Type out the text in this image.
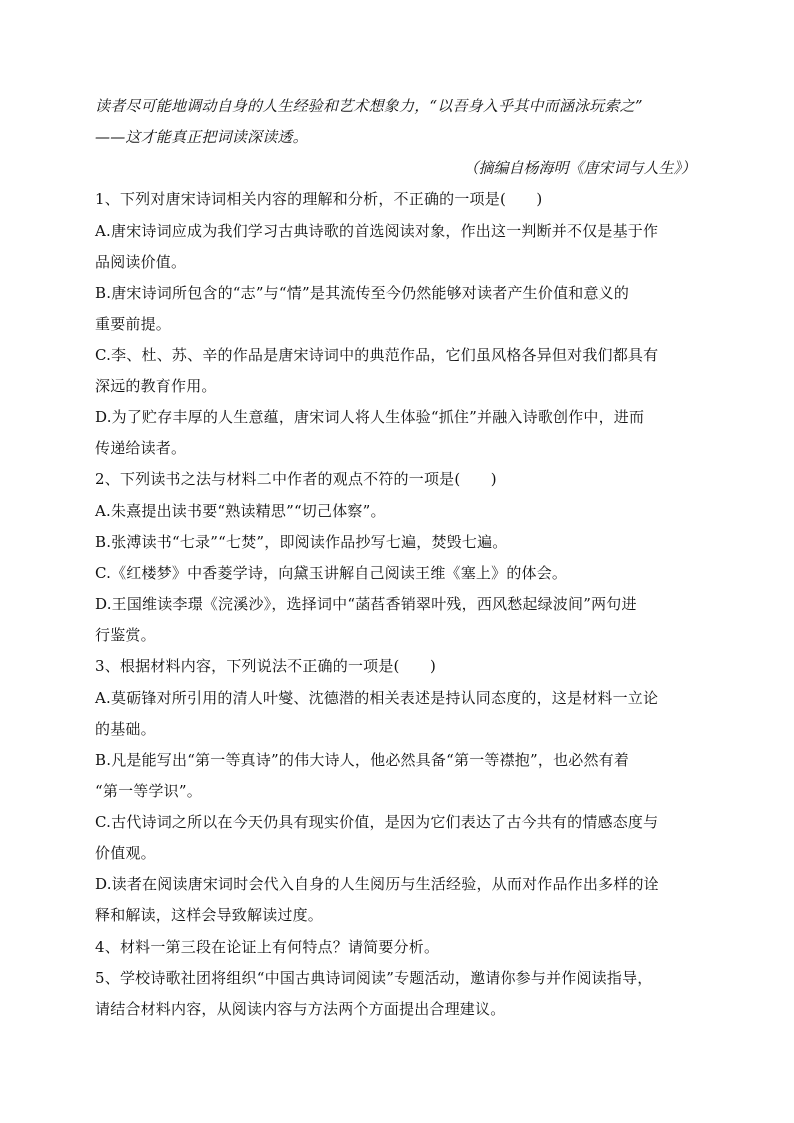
读者尽可能地调动自身的人生经验和艺术想象力，“以吾身入乎其中而涵泳玩索之”
——这才能真正把词读深读透。
（摘编自杨海明《唐宋词与人生》）
1、下列对唐宋诗词相关内容的理解和分析，不正确的一项是(　　)
A.唐宋诗词应成为我们学习古典诗歌的首选阅读对象，作出这一判断并不仅是基于作
品阅读价值。
B.唐宋诗词所包含的“志”与“情”是其流传至今仍然能够对读者产生价值和意义的
重要前提。
C.李、杜、苏、辛的作品是唐宋诗词中的典范作品，它们虽风格各异但对我们都具有
深远的教育作用。
D.为了贮存丰厚的人生意蕴，唐宋词人将人生体验“抓住”并融入诗歌创作中，进而
传递给读者。
2、下列读书之法与材料二中作者的观点不符的一项是(　　)
A.朱熹提出读书要“熟读精思”“切己体察”。
B.张溥读书“七录”“七焚”，即阅读作品抄写七遍，焚毁七遍。
C.《红楼梦》中香菱学诗，向黛玉讲解自己阅读王维《塞上》的体会。
D.王国维读李璟《浣溪沙》，选择词中“菡萏香销翠叶残，西风愁起绿波间”两句进
行鉴赏。
3、根据材料内容，下列说法不正确的一项是(　　)
A.莫砺锋对所引用的清人叶燮、沈德潜的相关表述是持认同态度的，这是材料一立论
的基础。
B.凡是能写出“第一等真诗”的伟大诗人，他必然具备“第一等襟抱”，也必然有着
“第一等学识”。
C.古代诗词之所以在今天仍具有现实价值，是因为它们表达了古今共有的情感态度与
价值观。
D.读者在阅读唐宋词时会代入自身的人生阅历与生活经验，从而对作品作出多样的诠
释和解读，这样会导致解读过度。
4、材料一第三段在论证上有何特点？请简要分析。
5、学校诗歌社团将组织“中国古典诗词阅读”专题活动，邀请你参与并作阅读指导，
请结合材料内容，从阅读内容与方法两个方面提出合理建议。
